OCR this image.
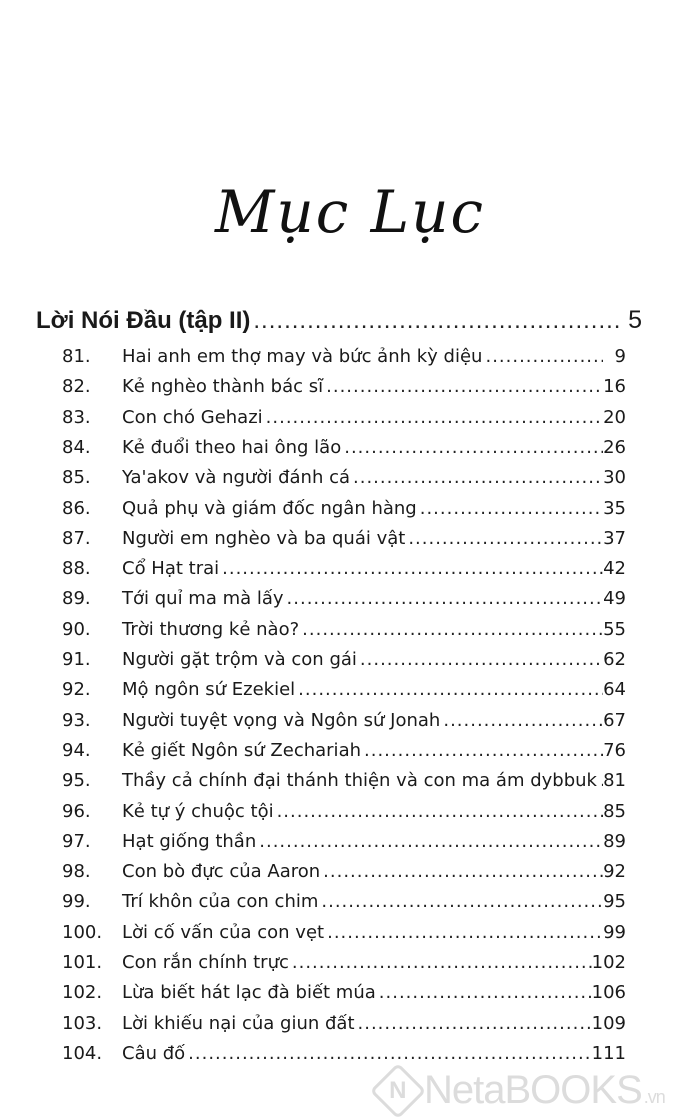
Mục Lục
Lời Nói Đầu (tập II) .....	5
81.	Hai anh em thợ may và bức ảnh kỳ diệu .....	9
82.	Kẻ nghèo thành bác sĩ .....	16
83.	Con chó Gehazi .....	20
84.	Kẻ đuổi theo hai ông lão .....	26
85.	Ya'akov và người đánh cá .....	30
86.	Quả phụ và giám đốc ngân hàng .....	35
87.	Người em nghèo và ba quái vật .....	37
88.	Cổ Hạt trai .....	42
89.	Tới quỉ ma mà lấy .....	49
90.	Trời thương kẻ nào? .....	55
91.	Người gặt trộm và con gái .....	62
92.	Mộ ngôn sứ Ezekiel .....	64
93.	Người tuyệt vọng và Ngôn sứ Jonah .....	67
94.	Kẻ giết Ngôn sứ Zechariah .....	76
95.	Thầy cả chính đại thánh thiện và con ma ám dybbuk ..... 81
96.	Kẻ tự ý chuộc tội .....	85
97.	Hạt giống thần .....	89
98.	Con bò đực của Aaron .....	92
99.	Trí khôn của con chim .....	95
100.	Lời cố vấn của con vẹt .....	99
101.	Con rắn chính trực .....	102
102.	Lừa biết hát lạc đà biết múa .....	106
103.	Lời khiếu nại của giun đất .....	109
104.	Câu đố .....	111
N NetaBOOKS .vn
